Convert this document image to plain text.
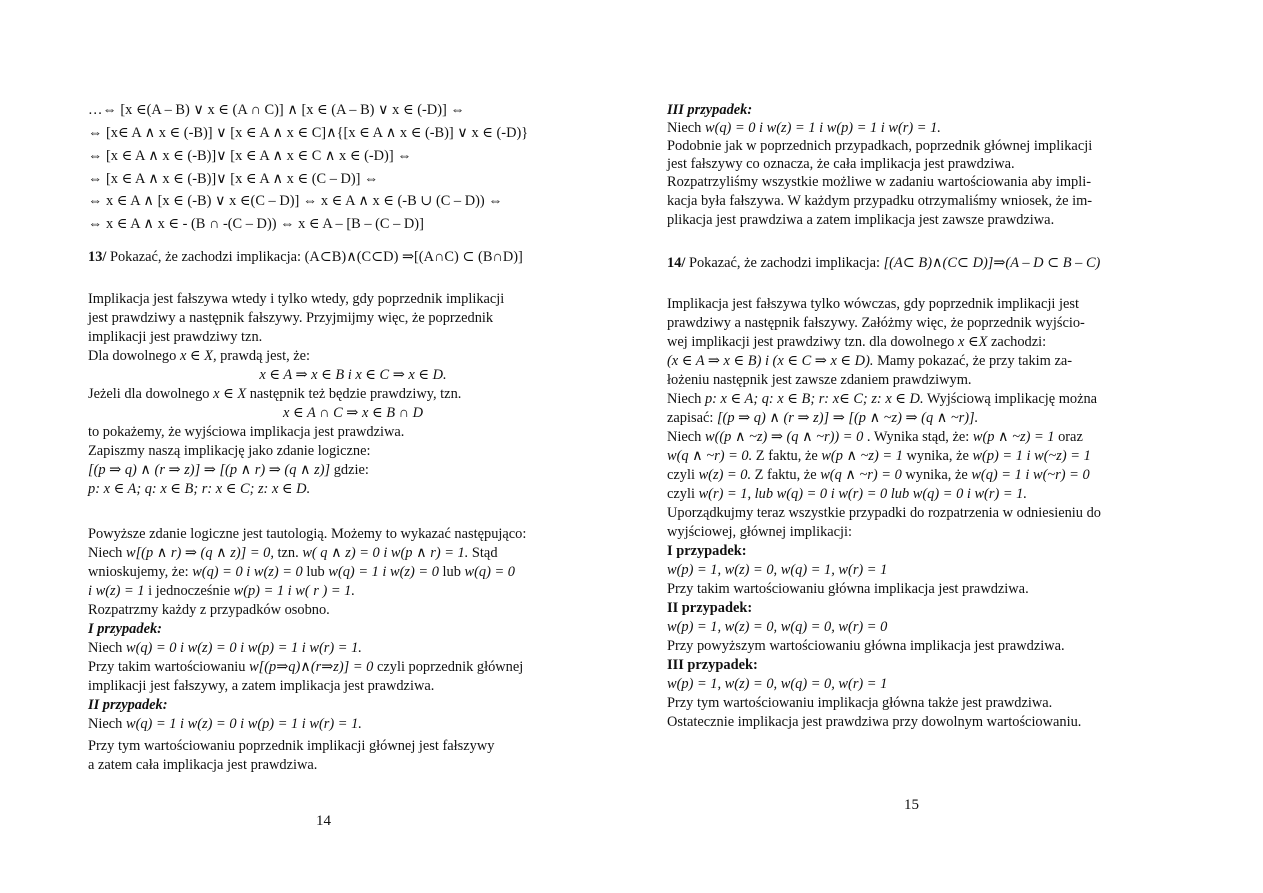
…⇔ [x ∈(A – B) ∨ x ∈ (A ∩ C)] ∧ [x ∈ (A – B) ∨ x ∈ (-D)] ⇔
⇔ [x∈ A ∧ x ∈ (-B)] ∨ [x ∈ A ∧ x ∈ C]∧{[x ∈ A ∧ x ∈ (-B)] ∨ x ∈ (-D)}
⇔ [x ∈ A ∧ x ∈ (-B)]∨ [x ∈ A ∧ x ∈ C ∧ x ∈ (-D)] ⇔
⇔ [x ∈ A ∧ x ∈ (-B)]∨ [x ∈ A ∧ x ∈ (C – D)] ⇔
⇔ x ∈ A ∧ [x ∈ (-B) ∨ x ∈(C – D)] ⇔ x ∈ A ∧ x ∈ (-B ∪ (C – D)) ⇔
⇔ x ∈ A ∧ x ∈ - (B ∩ -(C – D)) ⇔ x ∈ A – [B – (C – D)]
13/ Pokazać, że zachodzi implikacja: (A⊂B)∧(C⊂D) ⇒[(A∩C) ⊂ (B∩D)]
Implikacja jest fałszywa wtedy i tylko wtedy, gdy poprzednik implikacji
jest prawdziwy a następnik fałszywy. Przyjmijmy więc, że poprzednik
implikacji jest prawdziwy tzn.
Dla dowolnego x ∈ X, prawdą jest, że:
x ∈ A ⇒ x ∈ B i x ∈ C ⇒ x ∈ D.
Jeżeli dla dowolnego x ∈ X następnik też będzie prawdziwy, tzn.
x ∈ A ∩ C ⇒ x ∈ B ∩ D
to pokażemy, że wyjściowa implikacja jest prawdziwa.
Zapiszmy naszą implikację jako zdanie logiczne:
[(p ⇒ q) ∧ (r ⇒ z)] ⇒ [(p ∧ r) ⇒ (q ∧ z)] gdzie:
p: x ∈ A; q: x ∈ B; r: x ∈ C; z: x ∈ D.
Powyższe zdanie logiczne jest tautologią. Możemy to wykazać następująco:
Niech w[(p ∧ r) ⇒ (q ∧ z)] = 0, tzn. w( q ∧ z) = 0 i w(p ∧ r) = 1. Stąd
wnioskujemy, że: w(q) = 0 i w(z) = 0 lub w(q) = 1 i w(z) = 0 lub w(q) = 0
i w(z) = 1 i jednocześnie w(p) = 1 i w( r ) = 1.
Rozpatrzmy każdy z przypadków osobno.
I przypadek:
Niech w(q) = 0 i w(z) = 0 i w(p) = 1 i w(r) = 1.
Przy takim wartościowaniu w[(p⇒q)∧(r⇒z)] = 0 czyli poprzednik głównej
implikacji jest fałszywy, a zatem implikacja jest prawdziwa.
II przypadek:
Niech w(q) = 1 i w(z) = 0 i w(p) = 1 i w(r) = 1.
Przy tym wartościowaniu poprzednik implikacji głównej jest fałszywy
a zatem cała implikacja jest prawdziwa.
14
III przypadek:
Niech w(q) = 0 i w(z) = 1 i w(p) = 1 i w(r) = 1.
Podobnie jak w poprzednich przypadkach, poprzednik głównej implikacji
jest fałszywy co oznacza, że cała implikacja jest prawdziwa.
Rozpatrzyliśmy wszystkie możliwe w zadaniu wartościowania aby impli-
kacja była fałszywa. W każdym przypadku otrzymaliśmy wniosek, że im-
plikacja jest prawdziwa a zatem implikacja jest zawsze prawdziwa.
14/ Pokazać, że zachodzi implikacja: [(A⊂ B)∧(C⊂ D)]⇒(A – D ⊂ B – C)
Implikacja jest fałszywa tylko wówczas, gdy poprzednik implikacji jest
prawdziwy a następnik fałszywy. Załóżmy więc, że poprzednik wyjścio-
wej implikacji jest prawdziwy tzn. dla dowolnego x ∈X zachodzi:
(x ∈ A ⇒ x ∈ B) i (x ∈ C ⇒ x ∈ D). Mamy pokazać, że przy takim za-
łożeniu następnik jest zawsze zdaniem prawdziwym.
Niech p: x ∈ A; q: x ∈ B; r: x∈ C; z: x ∈ D. Wyjściową implikację można
zapisać: [(p ⇒ q) ∧ (r ⇒ z)] ⇒ [(p ∧ ~z) ⇒ (q ∧ ~r)].
Niech w((p ∧ ~z) ⇒ (q ∧ ~r)) = 0 . Wynika stąd, że: w(p ∧ ~z) = 1 oraz
w(q ∧ ~r) = 0. Z faktu, że w(p ∧ ~z) = 1 wynika, że w(p) = 1 i w(~z) = 1
czyli w(z) = 0. Z faktu, że w(q ∧ ~r) = 0 wynika, że w(q) = 1 i w(~r) = 0
czyli w(r) = 1, lub w(q) = 0 i w(r) = 0 lub w(q) = 0 i w(r) = 1.
Uporządkujmy teraz wszystkie przypadki do rozpatrzenia w odniesieniu do
wyjściowej, głównej implikacji:
I przypadek:
w(p) = 1, w(z) = 0, w(q) = 1, w(r) = 1
Przy takim wartościowaniu główna implikacja jest prawdziwa.
II przypadek:
w(p) = 1, w(z) = 0, w(q) = 0, w(r) = 0
Przy powyższym wartościowaniu główna implikacja jest prawdziwa.
III przypadek:
w(p) = 1, w(z) = 0, w(q) = 0, w(r) = 1
Przy tym wartościowaniu implikacja główna także jest prawdziwa.
Ostatecznie implikacja jest prawdziwa przy dowolnym wartościowaniu.
15
